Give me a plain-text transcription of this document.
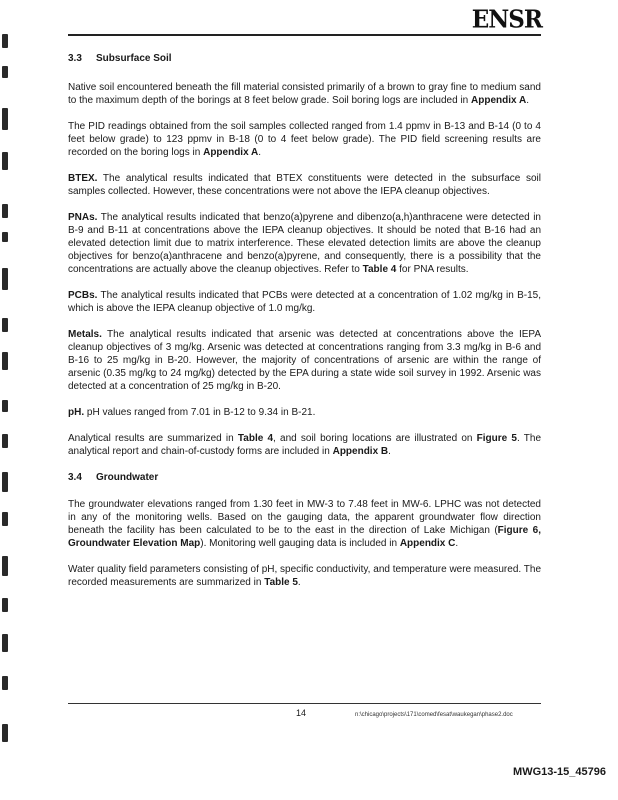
ENSR
3.3 Subsurface Soil

Native soil encountered beneath the fill material consisted primarily of a brown to gray fine to medium sand to the maximum depth of the borings at 8 feet below grade. Soil boring logs are included in Appendix A.

The PID readings obtained from the soil samples collected ranged from 1.4 ppmv in B-13 and B-14 (0 to 4 feet below grade) to 123 ppmv in B-18 (0 to 4 feet below grade). The PID field screening results are recorded on the boring logs in Appendix A.

BTEX. The analytical results indicated that BTEX constituents were detected in the subsurface soil samples collected. However, these concentrations were not above the IEPA cleanup objectives.

PNAs. The analytical results indicated that benzo(a)pyrene and dibenzo(a,h)anthracene were detected in B-9 and B-11 at concentrations above the IEPA cleanup objectives. It should be noted that B-16 had an elevated detection limit due to matrix interference. These elevated detection limits are above the cleanup objectives for benzo(a)anthracene and benzo(a)pyrene, and consequently, there is a possibility that the concentrations are actually above the cleanup objectives. Refer to Table 4 for PNA results.

PCBs. The analytical results indicated that PCBs were detected at a concentration of 1.02 mg/kg in B-15, which is above the IEPA cleanup objective of 1.0 mg/kg.

Metals. The analytical results indicated that arsenic was detected at concentrations above the IEPA cleanup objectives of 3 mg/kg. Arsenic was detected at concentrations ranging from 3.3 mg/kg in B-6 and B-16 to 25 mg/kg in B-20. However, the majority of concentrations of arsenic are within the range of arsenic (0.35 mg/kg to 24 mg/kg) detected by the EPA during a state wide soil survey in 1992. Arsenic was detected at a concentration of 25 mg/kg in B-20.

pH. pH values ranged from 7.01 in B-12 to 9.34 in B-21.

Analytical results are summarized in Table 4, and soil boring locations are illustrated on Figure 5. The analytical report and chain-of-custody forms are included in Appendix B.

3.4 Groundwater

The groundwater elevations ranged from 1.30 feet in MW-3 to 7.48 feet in MW-6. LPHC was not detected in any of the monitoring wells. Based on the gauging data, the apparent groundwater flow direction beneath the facility has been calculated to be to the east in the direction of Lake Michigan (Figure 6, Groundwater Elevation Map). Monitoring well gauging data is included in Appendix C.

Water quality field parameters consisting of pH, specific conductivity, and temperature were measured. The recorded measurements are summarized in Table 5.

14	n:\chicago\projects\171\comed\fesat\waukegan\phase2.doc
MWG13-15_45796
